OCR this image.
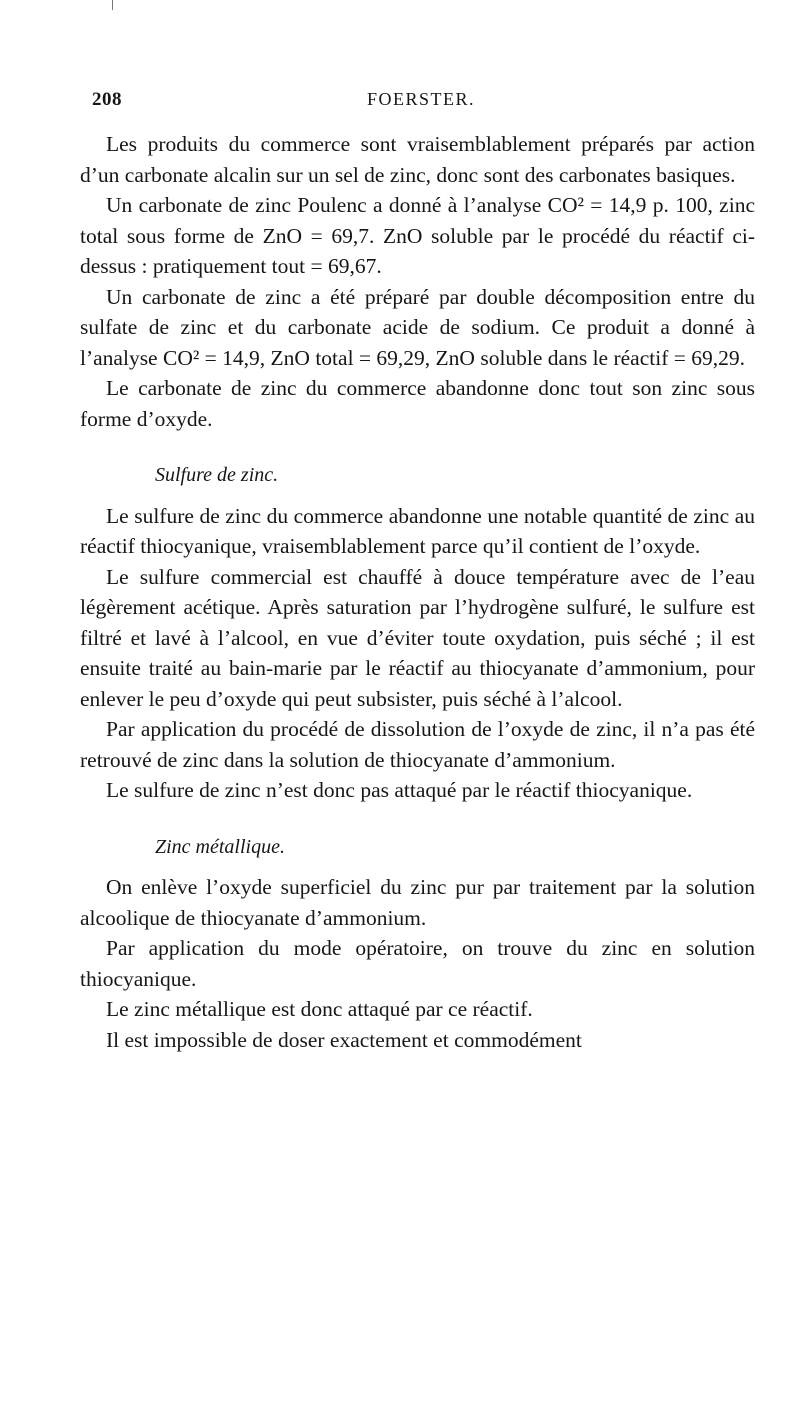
208	FOERSTER.

Les produits du commerce sont vraisemblablement préparés par action d’un carbonate alcalin sur un sel de zinc, donc sont des carbonates basiques.

Un carbonate de zinc Poulenc a donné à l’analyse CO² = 14,9 p. 100, zinc total sous forme de ZnO = 69,7. ZnO soluble par le procédé du réactif ci-dessus : pratiquement tout = 69,67.

Un carbonate de zinc a été préparé par double décomposition entre du sulfate de zinc et du carbonate acide de sodium. Ce produit a donné à l’analyse CO² = 14,9, ZnO total = 69,29, ZnO soluble dans le réactif = 69,29.

Le carbonate de zinc du commerce abandonne donc tout son zinc sous forme d’oxyde.

Sulfure de zinc.

Le sulfure de zinc du commerce abandonne une notable quantité de zinc au réactif thiocyanique, vraisemblablement parce qu’il contient de l’oxyde.

Le sulfure commercial est chauffé à douce température avec de l’eau légèrement acétique. Après saturation par l’hydrogène sulfuré, le sulfure est filtré et lavé à l’alcool, en vue d’éviter toute oxydation, puis séché ; il est ensuite traité au bain-marie par le réactif au thiocyanate d’ammonium, pour enlever le peu d’oxyde qui peut subsister, puis séché à l’alcool.

Par application du procédé de dissolution de l’oxyde de zinc, il n’a pas été retrouvé de zinc dans la solution de thiocyanate d’ammonium.

Le sulfure de zinc n’est donc pas attaqué par le réactif thiocyanique.

Zinc métallique.

On enlève l’oxyde superficiel du zinc pur par traitement par la solution alcoolique de thiocyanate d’ammonium.

Par application du mode opératoire, on trouve du zinc en solution thiocyanique.

Le zinc métallique est donc attaqué par ce réactif.

Il est impossible de doser exactement et commodément
